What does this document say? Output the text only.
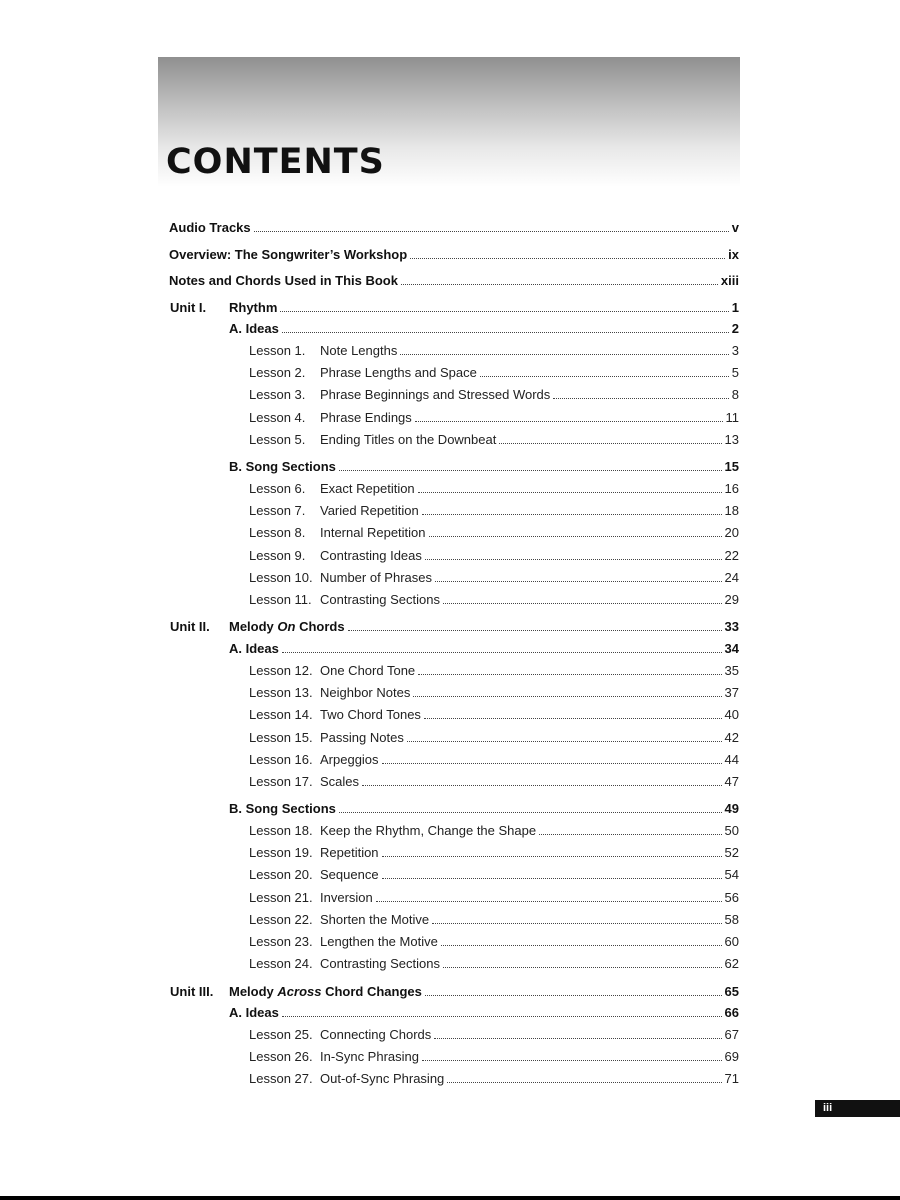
CONTENTS
Audio Tracks	v
Overview: The Songwriter’s Workshop	ix
Notes and Chords Used in This Book	xiii
Unit I.	Rhythm	1
A. Ideas	2
Lesson 1.	Note Lengths	3
Lesson 2.	Phrase Lengths and Space	5
Lesson 3.	Phrase Beginnings and Stressed Words	8
Lesson 4.	Phrase Endings	11
Lesson 5.	Ending Titles on the Downbeat	13
B. Song Sections	15
Lesson 6.	Exact Repetition	16
Lesson 7.	Varied Repetition	18
Lesson 8.	Internal Repetition	20
Lesson 9.	Contrasting Ideas	22
Lesson 10. Number of Phrases	24
Lesson 11. Contrasting Sections	29
Unit II.	Melody On Chords	33
A. Ideas	34
Lesson 12. One Chord Tone	35
Lesson 13. Neighbor Notes	37
Lesson 14. Two Chord Tones	40
Lesson 15. Passing Notes	42
Lesson 16. Arpeggios	44
Lesson 17. Scales	47
B. Song Sections	49
Lesson 18. Keep the Rhythm, Change the Shape	50
Lesson 19. Repetition	52
Lesson 20. Sequence	54
Lesson 21. Inversion	56
Lesson 22. Shorten the Motive	58
Lesson 23. Lengthen the Motive	60
Lesson 24. Contrasting Sections	62
Unit III.	Melody Across Chord Changes	65
A. Ideas	66
Lesson 25. Connecting Chords	67
Lesson 26. In-Sync Phrasing	69
Lesson 27. Out-of-Sync Phrasing	71
iii
